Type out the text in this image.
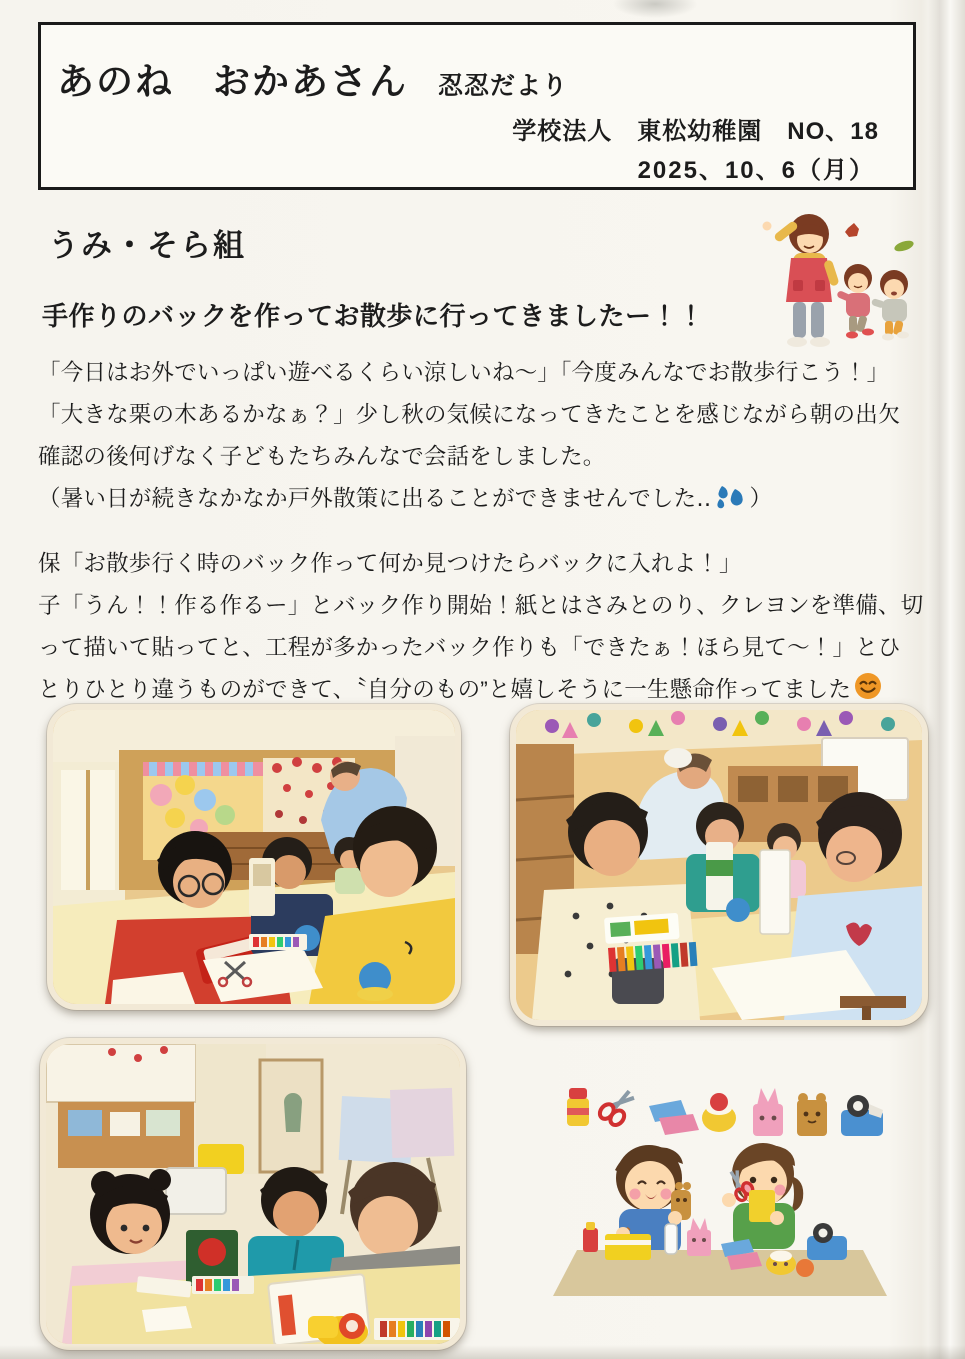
あのね　おかあさん 忍忍だより
学校法人　東松幼稚園　NO、18
2025、10、6（月）
うみ・そら組
手作りのバックを作ってお散歩に行ってきましたー！！
「今日はお外でいっぱい遊べるくらい涼しいね～」「今度みんなでお散歩行こう！」
「大きな栗の木あるかなぁ？」少し秋の気候になってきたことを感じながら朝の出欠
確認の後何げなく子どもたちみんなで会話をしました。
（暑い日が続きなかなか戸外散策に出ることができませんでした‥ ）
保「お散歩行く時のバック作って何か見つけたらバックに入れよ！」
子「うん！！作る作るー」とバック作り開始！紙とはさみとのり、クレヨンを準備、切
って描いて貼ってと、工程が多かったバック作りも「できたぁ！ほら見て～！」とひ
とりひとり違うものができて、〝自分のもの”と嬉しそうに一生懸命作ってました
